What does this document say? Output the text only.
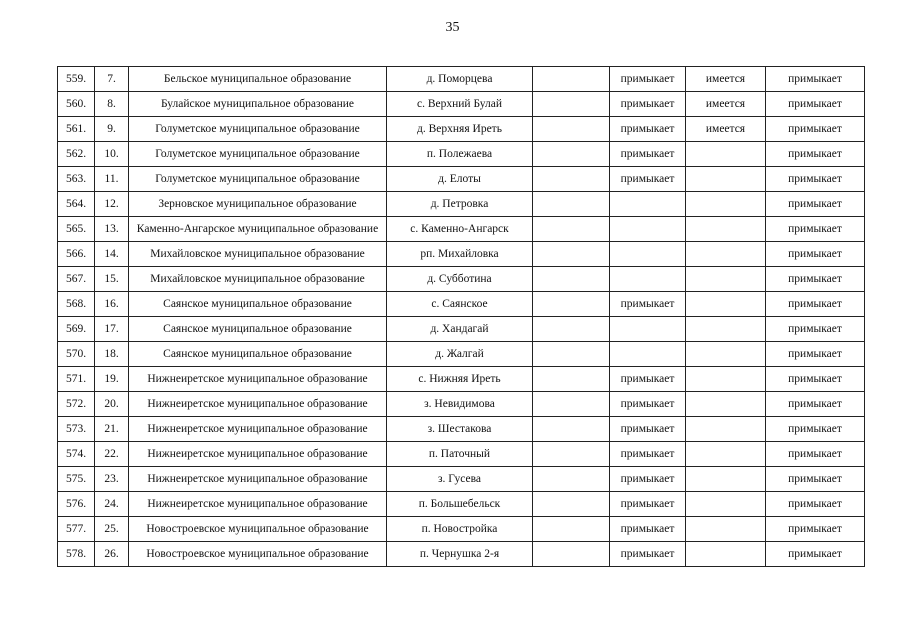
35
559.	7.	Бельское муниципальное образование	д. Поморцева		примыкает	имеется	примыкает
560.	8.	Булайское муниципальное образование	с. Верхний Булай		примыкает	имеется	примыкает
561.	9.	Голуметское муниципальное образование	д. Верхняя Ирeть		примыкает	имеется	примыкает
562.	10.	Голуметское муниципальное образование	п. Полежаева		примыкает		примыкает
563.	11.	Голуметское муниципальное образование	д. Елоты		примыкает		примыкает
564.	12.	Зерновское муниципальное образование	д. Петровка				примыкает
565.	13.	Каменно-Ангарское муниципальное образование	с. Каменно-Ангарск				примыкает
566.	14.	Михайловское муниципальное образование	рп. Михайловка				примыкает
567.	15.	Михайловское муниципальное образование	д. Субботина				примыкает
568.	16.	Саянское муниципальное образование	с. Саянское		примыкает		примыкает
569.	17.	Саянское муниципальное образование	д. Хандагай				примыкает
570.	18.	Саянское муниципальное образование	д. Жалгай				примыкает
571.	19.	Нижнеиретское муниципальное образование	с. Нижняя Иреть		примыкает		примыкает
572.	20.	Нижнеиретское муниципальное образование	з. Невидимова		примыкает		примыкает
573.	21.	Нижнеиретское муниципальное образование	з. Шестакова		примыкает		примыкает
574.	22.	Нижнеиретское муниципальное образование	п. Паточный		примыкает		примыкает
575.	23.	Нижнеиретское муниципальное образование	з. Гусева		примыкает		примыкает
576.	24.	Нижнеиретское муниципальное образование	п. Большебельск		примыкает		примыкает
577.	25.	Новостроевское муниципальное образование	п. Новостройка		примыкает		примыкает
578.	26.	Новостроевское муниципальное образование	п. Чернушка 2-я		примыкает		примыкает
